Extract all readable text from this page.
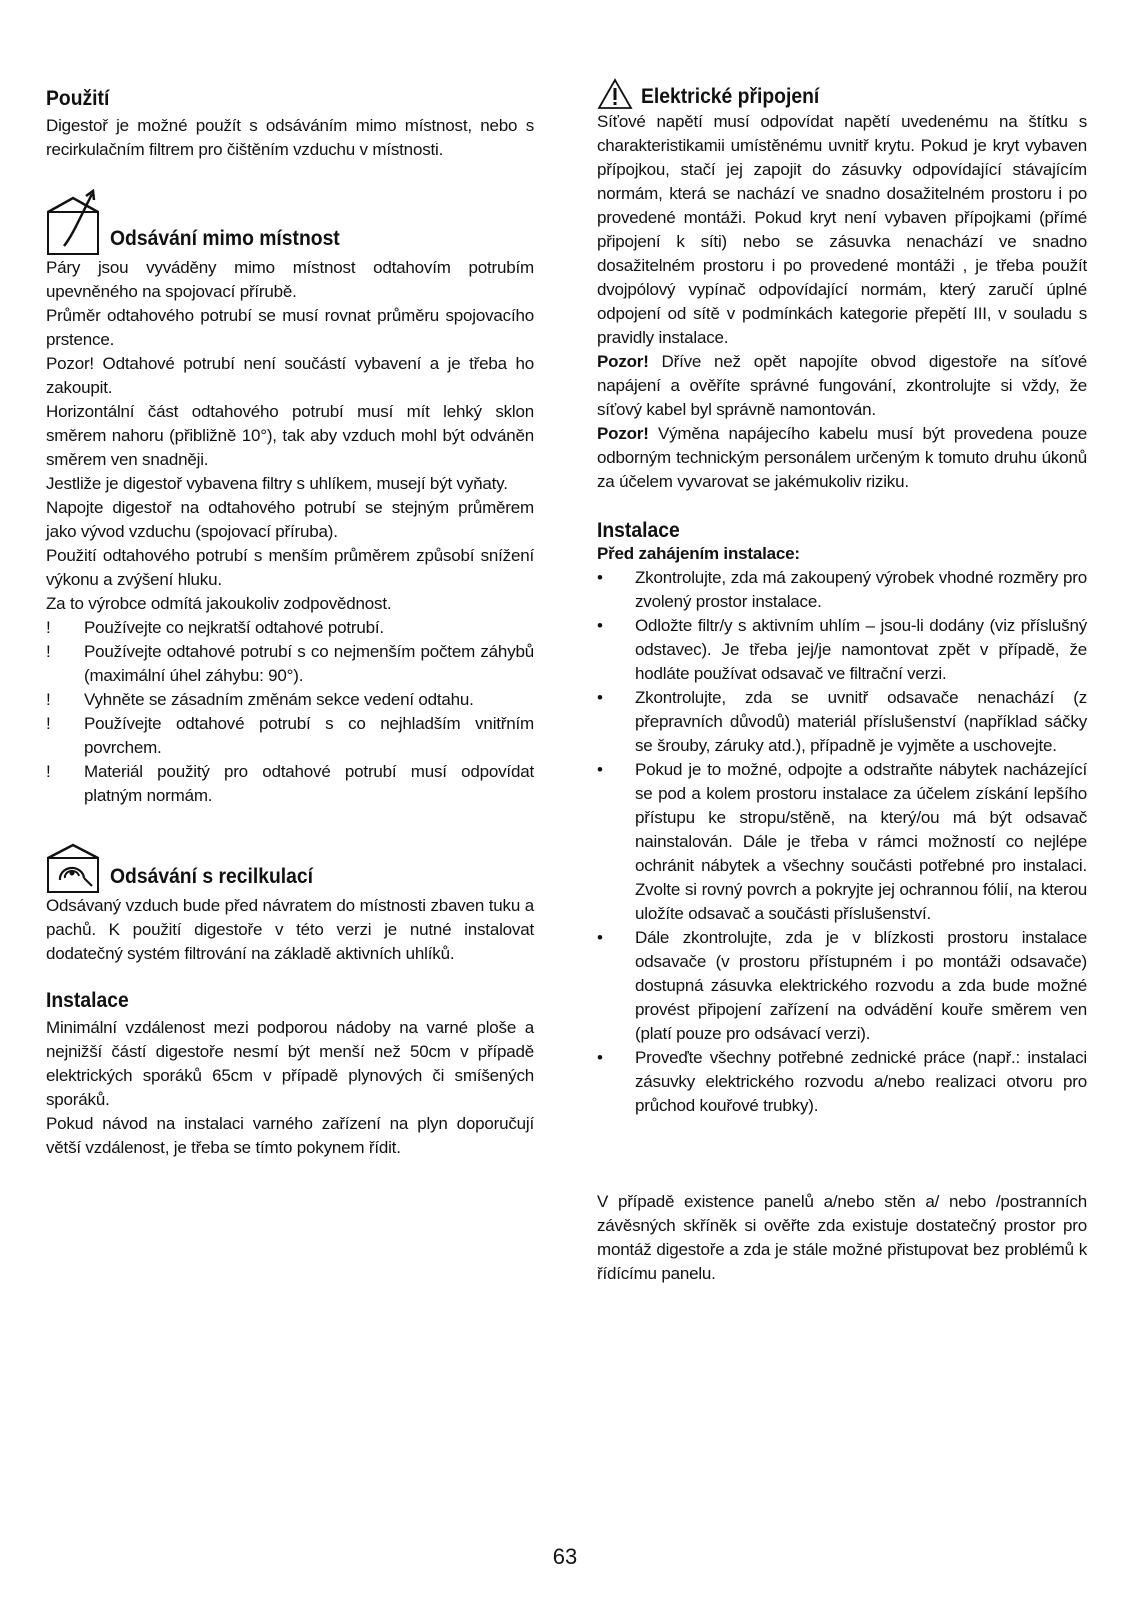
Použití

Digestoř je možné použít s odsáváním mimo místnost, nebo s recirkulačním filtrem pro čištěním vzduchu v místnosti.

Odsávání mimo místnost

Páry jsou vyváděny mimo místnost odtahovím potrubím upevněného na spojovací přírubě.

Průměr odtahového potrubí se musí rovnat průměru spojovacího prstence.

Pozor! Odtahové potrubí není součástí vybavení a je třeba ho zakoupit.

Horizontální část odtahového potrubí musí mít lehký sklon směrem nahoru (přibližně 10°), tak aby vzduch mohl být odváněn směrem ven snadněji.

Jestliže je digestoř vybavena filtry s uhlíkem, musejí být vyňaty.

Napojte digestoř na odtahového potrubí se stejným průměrem jako vývod vzduchu (spojovací příruba).

Použití odtahového potrubí s menším průměrem způsobí snížení výkonu a zvýšení hluku.

Za to výrobce odmítá jakoukoliv zodpovědnost.

!	Používejte co nejkratší odtahové potrubí.
!	Používejte odtahové potrubí s co nejmenším počtem záhybů (maximální úhel záhybu: 90°).
!	Vyhněte se zásadním změnám sekce vedení odtahu.
!	Používejte odtahové potrubí s co nejhladším vnitřním povrchem.
!	Materiál použitý pro odtahové potrubí musí odpovídat platným normám.
Odsávání s recilkulací

Odsávaný vzduch bude před návratem do místnosti zbaven tuku a pachů. K použití digestoře v této verzi je nutné instalovat dodatečný systém filtrování na základě aktivních uhlíků.

Instalace

Minimální vzdálenost mezi podporou nádoby na varné ploše a nejnižší částí digestoře nesmí být menší než 50cm v případě elektrických sporáků 65cm v případě plynových či smíšených sporáků.

Pokud návod na instalaci varného zařízení na plyn doporučují větší vzdálenost, je třeba se tímto pokynem řídit.

Elektrické připojení

Síťové napětí musí odpovídat napětí uvedenému na štítku s charakteristikamii umístěnému uvnitř krytu. Pokud je kryt vybaven přípojkou, stačí jej zapojit do zásuvky odpovídající stávajícím normám, která se nachází ve snadno dosažitelném prostoru i po provedené montáži. Pokud kryt není vybaven přípojkami (přímé připojení k síti) nebo se zásuvka nenachází ve snadno dosažitelném prostoru i po provedené montáži , je třeba použít dvojpólový vypínač odpovídající normám, který zaručí úplné odpojení od sítě v podmínkách kategorie přepětí III, v souladu s pravidly instalace.

Pozor! Dříve než opět napojíte obvod digestoře na síťové napájení a ověříte správné fungování, zkontrolujte si vždy, že síťový kabel byl správně namontován.

Pozor! Výměna napájecího kabelu musí být provedena pouze odborným technickým personálem určeným k tomuto druhu úkonů za účelem vyvarovat se jakémukoliv riziku.

Instalace

Před zahájením instalace:

•	Zkontrolujte, zda má zakoupený výrobek vhodné rozměry pro zvolený prostor instalace.
•	Odložte filtr/y s aktivním uhlím – jsou-li dodány (viz příslušný odstavec). Je třeba jej/je namontovat zpět v případě, že hodláte používat odsavač ve filtrační verzi.
•	Zkontrolujte, zda se uvnitř odsavače nenachází (z přepravních důvodů) materiál příslušenství (například sáčky se šrouby, záruky atd.), případně je vyjměte a uschovejte.
•	Pokud je to možné, odpojte a odstraňte nábytek nacházející se pod a kolem prostoru instalace za účelem získání lepšího přístupu ke stropu/stěně, na který/ou má být odsavač nainstalován. Dále je třeba v rámci možností co nejlépe ochránit nábytek a všechny součásti potřebné pro instalaci. Zvolte si rovný povrch a pokryjte jej ochrannou fólií, na kterou uložíte odsavač a součásti příslušenství.
•	Dále zkontrolujte, zda je v blízkosti prostoru instalace odsavače (v prostoru přístupném i po montáži odsavače) dostupná zásuvka elektrického rozvodu a zda bude možné provést připojení zařízení na odvádění kouře směrem ven (platí pouze pro odsávací verzi).
•	Proveďte všechny potřebné zednické práce (např.: instalaci zásuvky elektrického rozvodu a/nebo realizaci otvoru pro průchod kouřové trubky).

V případě existence panelů a/nebo stěn a/ nebo /postranních závěsných skříněk si ověřte zda existuje dostatečný prostor pro montáž digestoře a zda je stále možné přistupovat bez problémů k řídícímu panelu.

63
